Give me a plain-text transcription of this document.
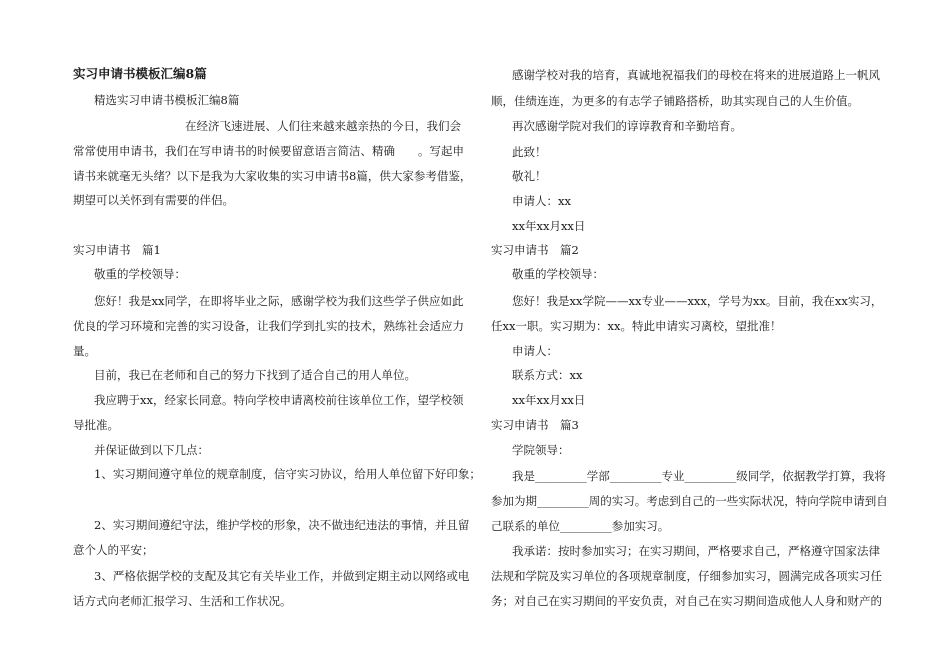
实习申请书模板汇编8篇
精选实习申请书模板汇编8篇
在经济飞速进展、人们往来越来越亲热的今日，我们会
常常使用申请书，我们在写申请书的时候要留意语言简洁、精确　　。写起申
请书来就毫无头绪？以下是我为大家收集的实习申请书8篇，供大家参考借鉴，
期望可以关怀到有需要的伴侣。
实习申请书　篇1
敬重的学校领导：
您好！我是xx同学，在即将毕业之际，感谢学校为我们这些学子供应如此
优良的学习环境和完善的实习设备，让我们学到扎实的技术，熟练社会适应力
量。
目前，我已在老师和自己的努力下找到了适合自己的用人单位。
我应聘于xx，经家长同意。特向学校申请离校前往该单位工作，望学校领
导批准。
并保证做到以下几点：
1、实习期间遵守单位的规章制度，信守实习协议，给用人单位留下好印象；
2、实习期间遵纪守法，维护学校的形象，决不做违纪违法的事情，并且留
意个人的平安；
3、严格依据学校的支配及其它有关毕业工作，并做到定期主动以网络或电
话方式向老师汇报学习、生活和工作状况。
感谢学校对我的培育，真诚地祝福我们的母校在将来的进展道路上一帆风
顺，佳绩连连，为更多的有志学子铺路搭桥，助其实现自己的人生价值。
再次感谢学院对我们的谆谆教育和辛勤培育。
此致！
敬礼！
申请人：xx
xx年xx月xx日
实习申请书　篇2
敬重的学校领导：
您好！我是xx学院——xx专业——xxx，学号为xx。目前，我在xx实习，
任xx一职。实习期为：xx。特此申请实习离校，望批准！
申请人：
联系方式：xx
xx年xx月xx日
实习申请书　篇3
学院领导：
我是_________学部_________专业_________级同学，依据教学打算，我将
参加为期_________周的实习。考虑到自己的一些实际状况，特向学院申请到自
己联系的单位_________参加实习。
我承诺：按时参加实习；在实习期间，严格要求自己，严格遵守国家法律
法规和学院及实习单位的各项规章制度，仔细参加实习，圆满完成各项实习任
务；对自己在实习期间的平安负责，对自己在实习期间造成他人人身和财产的
